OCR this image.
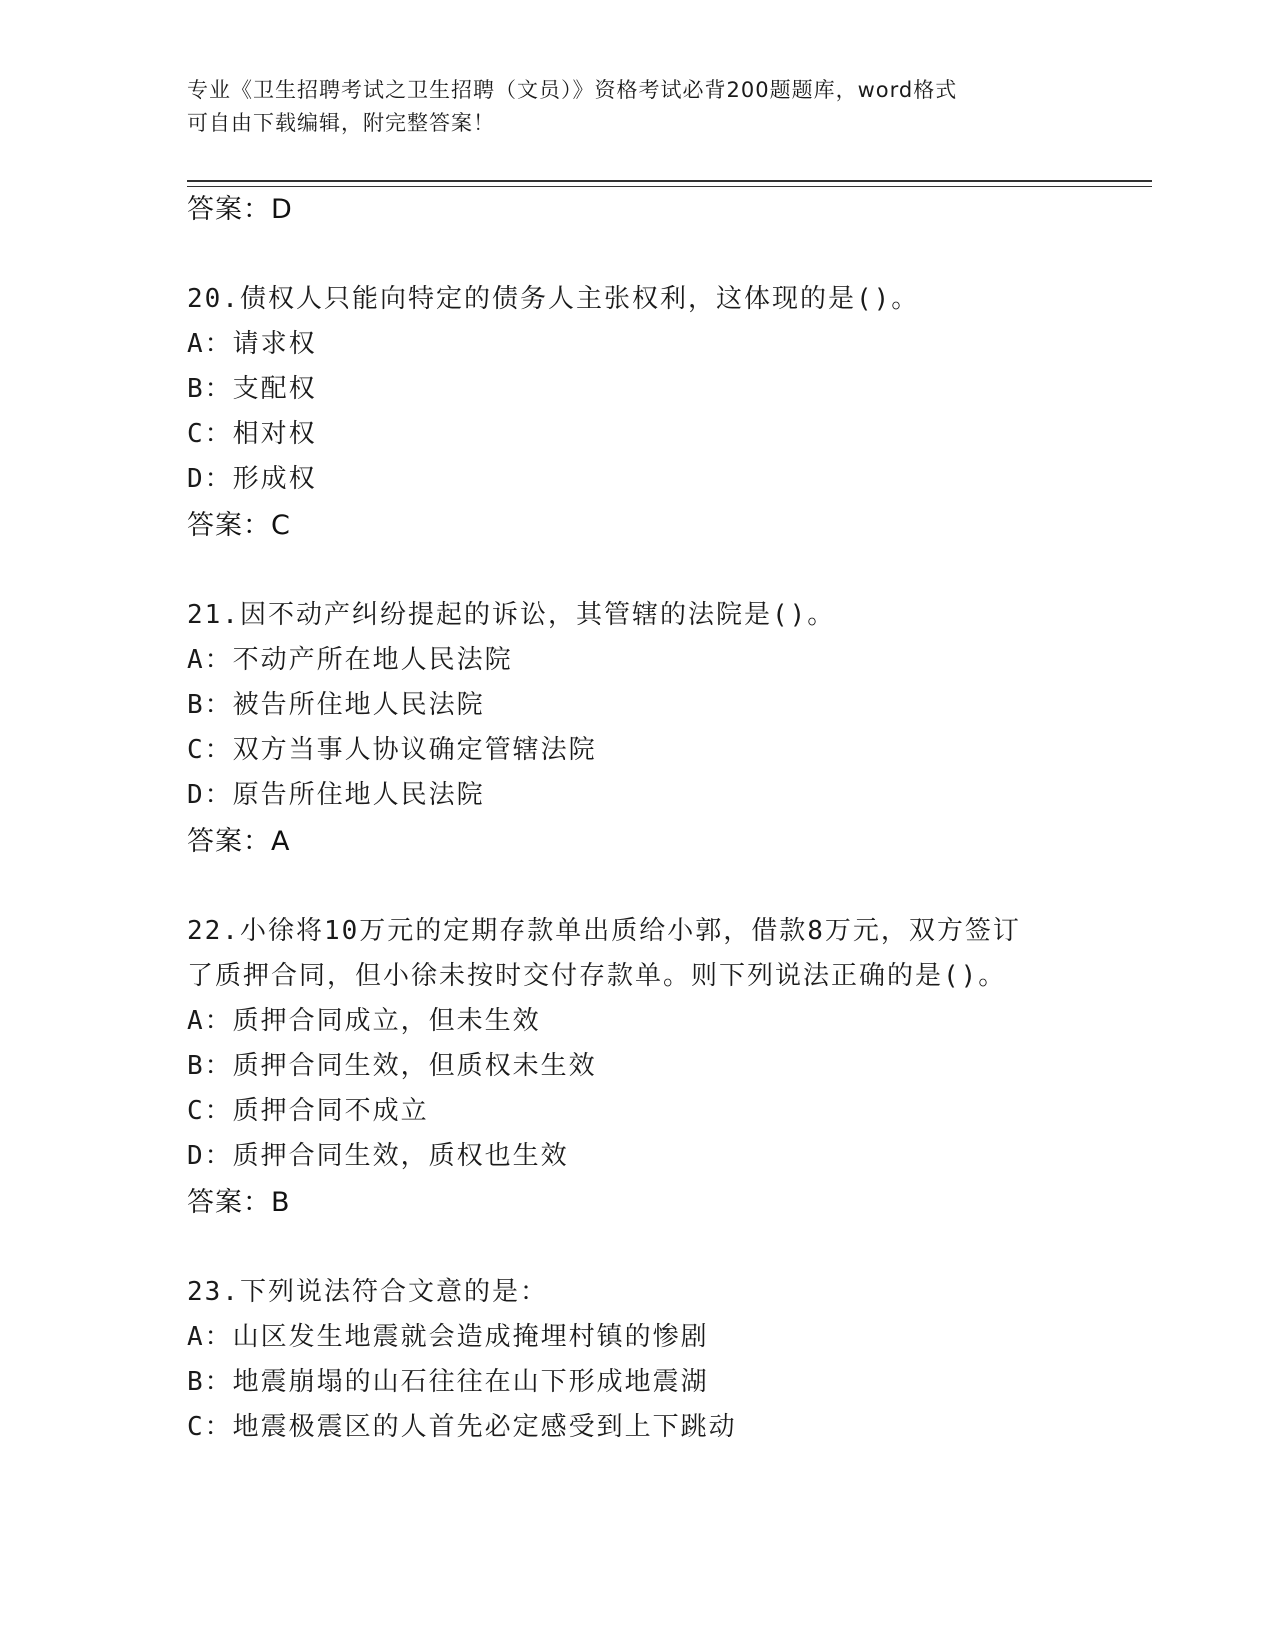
专业《卫生招聘考试之卫生招聘（文员）》资格考试必背200题题库，word格式
可自由下载编辑，附完整答案！
答案：D
20.债权人只能向特定的债务人主张权利，这体现的是()。
A：请求权
B：支配权
C：相对权
D：形成权
答案：C
21.因不动产纠纷提起的诉讼，其管辖的法院是()。
A：不动产所在地人民法院
B：被告所住地人民法院
C：双方当事人协议确定管辖法院
D：原告所住地人民法院
答案：A
22.小徐将10万元的定期存款单出质给小郭，借款8万元，双方签订
了质押合同，但小徐未按时交付存款单。则下列说法正确的是()。
A：质押合同成立，但未生效
B：质押合同生效，但质权未生效
C：质押合同不成立
D：质押合同生效，质权也生效
答案：B
23.下列说法符合文意的是：
A：山区发生地震就会造成掩埋村镇的惨剧
B：地震崩塌的山石往往在山下形成地震湖
C：地震极震区的人首先必定感受到上下跳动
